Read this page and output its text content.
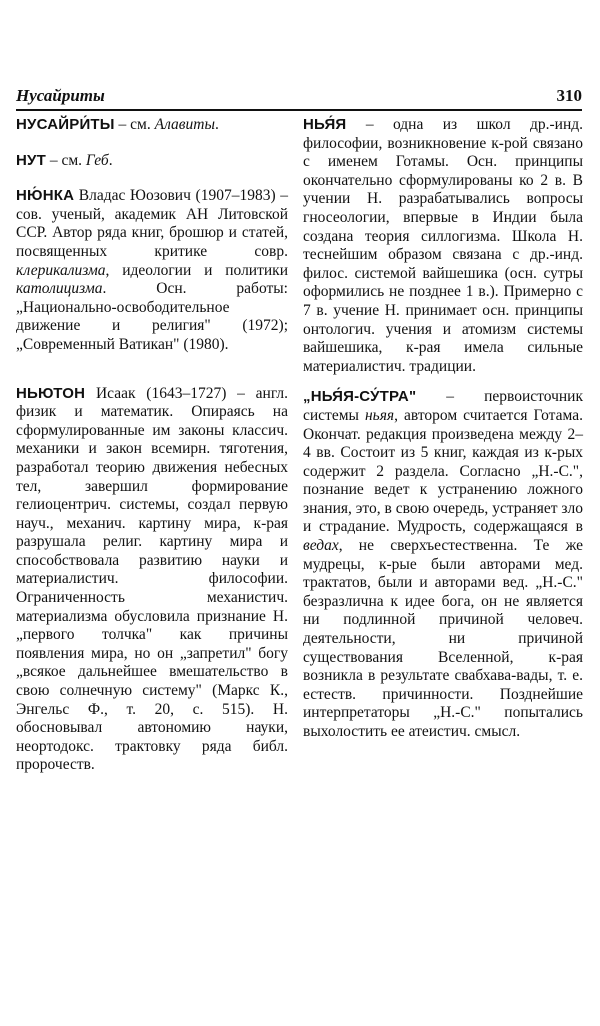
Нусайриты	310

НУСАЙРИ́ТЫ – см. Алавиты.

НУТ – см. Геб.

НЮ́НКА Владас Юозович (1907–1983) – сов. ученый, академик АН Литовской ССР. Автор ряда книг, брошюр и статей, посвященных критике совр. клерикализма, идеологии и политики католицизма. Осн. работы: „Национально-освободительное движение и религия" (1972); „Современный Ватикан" (1980).

НЬЮТОН Исаак (1643–1727) – англ. физик и математик. Опираясь на сформулированные им законы классич. механики и закон всемирн. тяготения, разработал теорию движения небесных тел, завершил формирование гелиоцентрич. системы, создал первую науч., механич. картину мира, к-рая разрушала религ. картину мира и способствовала развитию науки и материалистич. философии. Ограниченность механистич. материализма обусловила признание Н. „первого толчка" как причины появления мира, но он „запретил" богу „всякое дальнейшее вмешательство в свою солнечную систему" (Маркс К., Энгельс Ф., т. 20, с. 515). Н. обосновывал автономию науки, неортодокс. трактовку ряда библ. пророчеств.

НЬЯ́Я – одна из школ др.-инд. философии, возникновение к-рой связано с именем Готамы. Осн. принципы окончательно сформулированы ко 2 в. В учении Н. разрабатывались вопросы гносеологии, впервые в Индии была создана теория силлогизма. Школа Н. теснейшим образом связана с др.-инд. филос. системой вайшешика (осн. сутры оформились не позднее 1 в.). Примерно с 7 в. учение Н. принимает осн. принципы онтологич. учения и атомизм системы вайшешика, к-рая имела сильные материалистич. традиции.

„НЬЯ́Я-СУ́ТРА" – первоисточник системы ньяя, автором считается Готама. Окончат. редакция произведена между 2–4 вв. Состоит из 5 книг, каждая из к-рых содержит 2 раздела. Согласно „Н.-С.", познание ведет к устранению ложного знания, это, в свою очередь, устраняет зло и страдание. Мудрость, содержащаяся в ведах, не сверхъестественна. Те же мудрецы, к-рые были авторами мед. трактатов, были и авторами вед. „Н.-С." безразлична к идее бога, он не является ни подлинной причиной человеч. деятельности, ни причиной существования Вселенной, к-рая возникла в результате свабхава-вады, т. е. естеств. причинности. Позднейшие интерпретаторы „Н.-С." попытались выхолостить ее атеистич. смысл.
